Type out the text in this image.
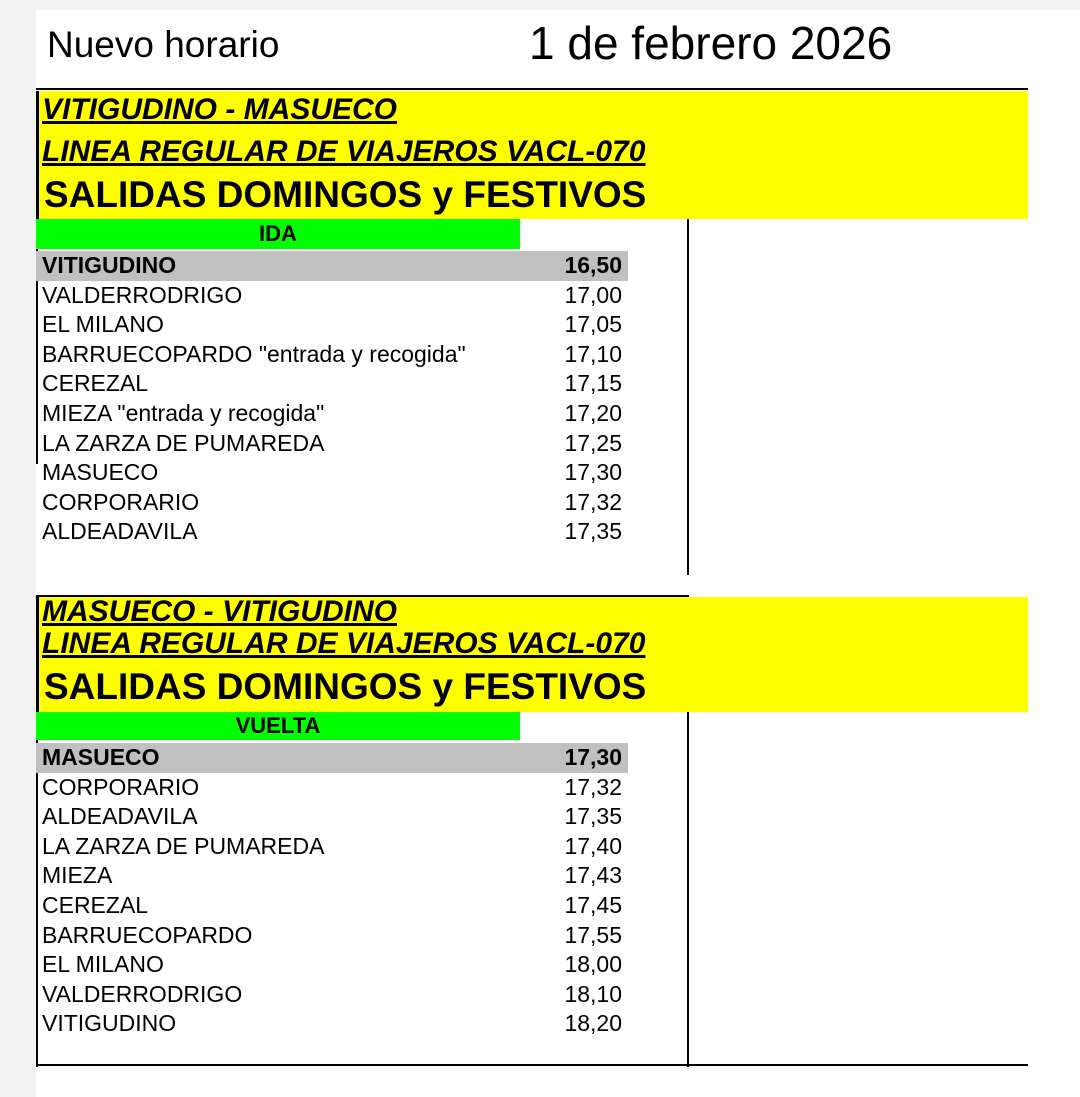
Nuevo horario	1 de febrero 2026
VITIGUDINO - MASUECO
LINEA REGULAR DE VIAJEROS VACL-070
SALIDAS DOMINGOS y FESTIVOS
IDA
VITIGUDINO	16,50
VALDERRODRIGO	17,00
EL MILANO	17,05
BARRUECOPARDO "entrada y recogida"	17,10
CEREZAL	17,15
MIEZA "entrada y recogida"	17,20
LA ZARZA DE PUMAREDA	17,25
MASUECO	17,30
CORPORARIO	17,32
ALDEADAVILA	17,35
MASUECO - VITIGUDINO
LINEA REGULAR DE VIAJEROS VACL-070
SALIDAS DOMINGOS y FESTIVOS
VUELTA
MASUECO	17,30
CORPORARIO	17,32
ALDEADAVILA	17,35
LA ZARZA DE PUMAREDA	17,40
MIEZA	17,43
CEREZAL	17,45
BARRUECOPARDO	17,55
EL MILANO	18,00
VALDERRODRIGO	18,10
VITIGUDINO	18,20
